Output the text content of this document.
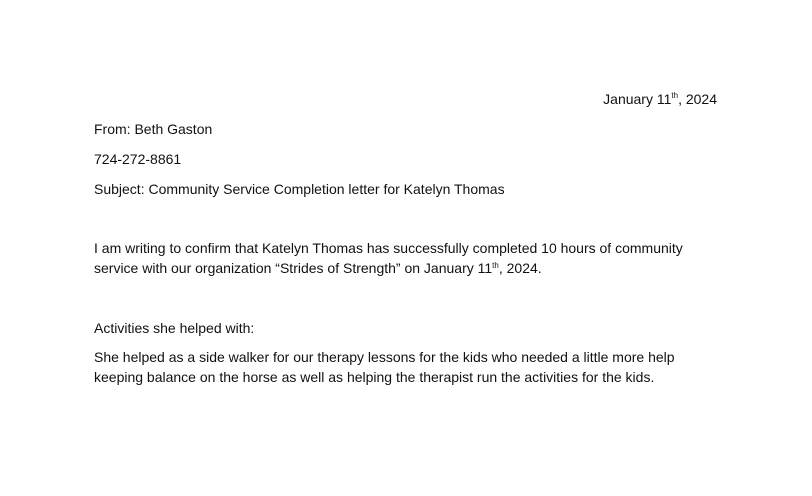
January 11th, 2024
From: Beth Gaston
724-272-8861
Subject: Community Service Completion letter for Katelyn Thomas
I am writing to confirm that Katelyn Thomas has successfully completed 10 hours of community service with our organization “Strides of Strength” on January 11th, 2024.
Activities she helped with:
She helped as a side walker for our therapy lessons for the kids who needed a little more help keeping balance on the horse as well as helping the therapist run the activities for the kids.
